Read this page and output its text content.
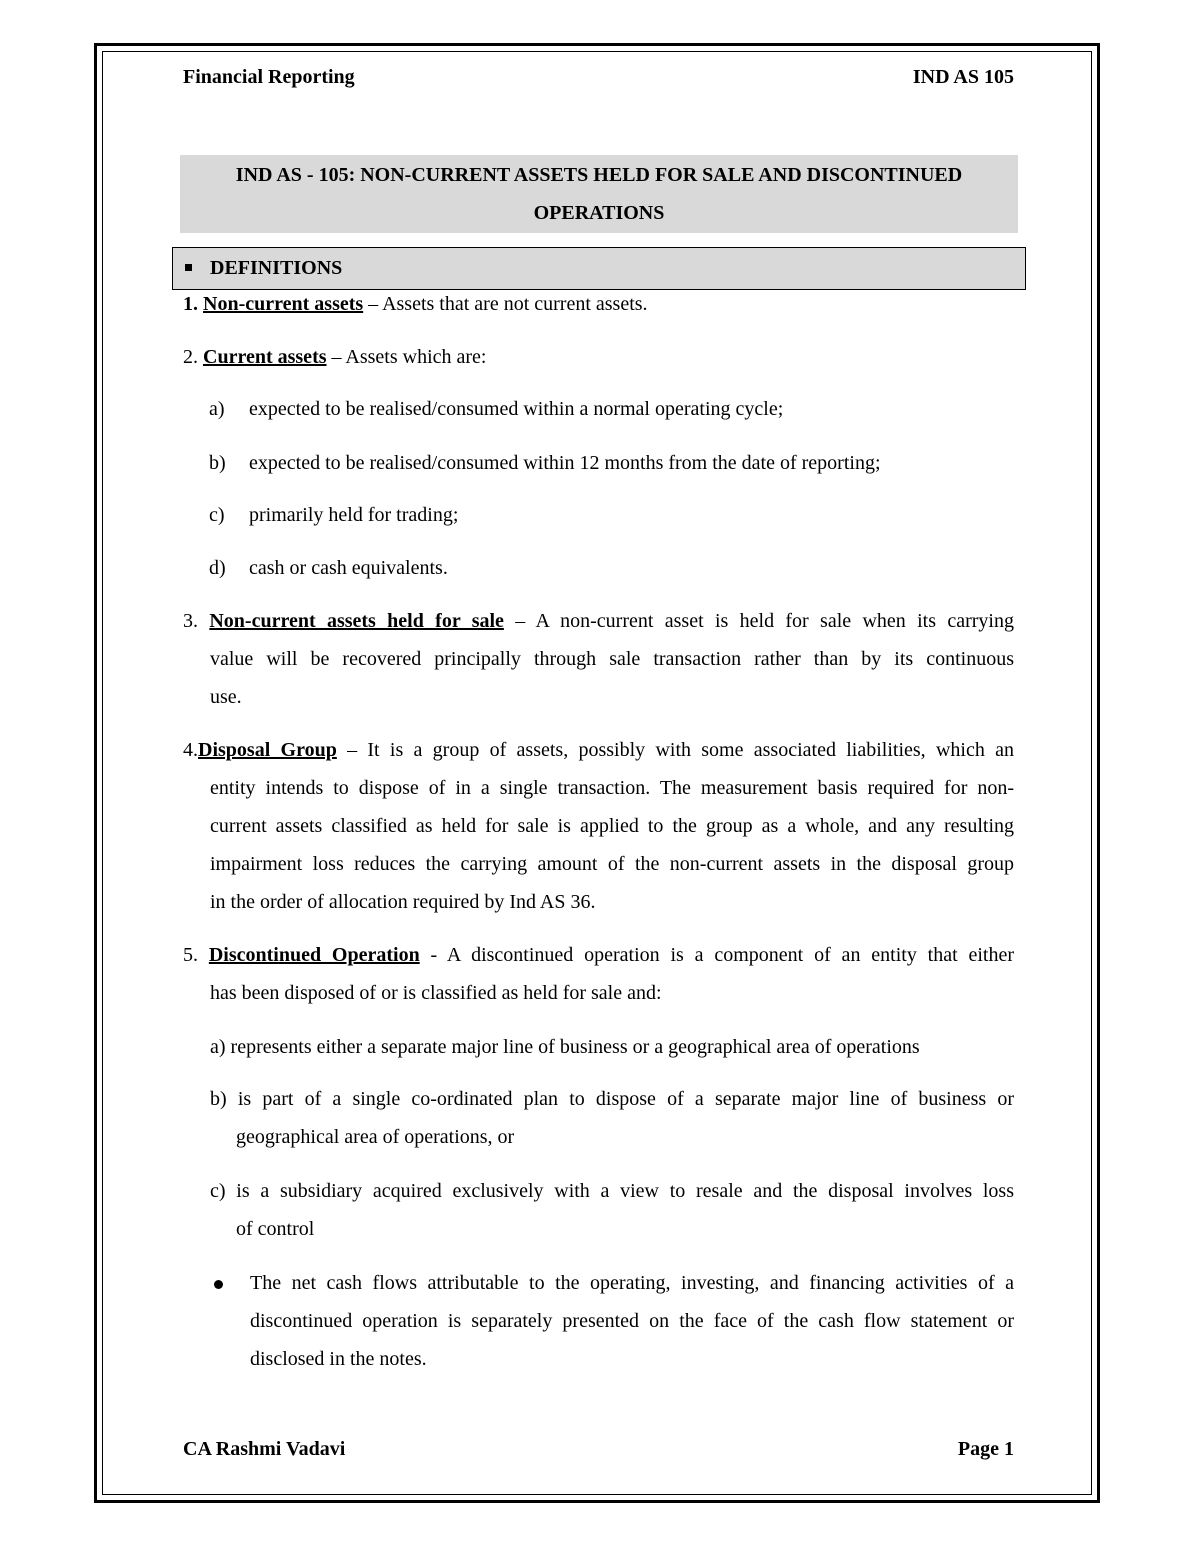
Financial Reporting	IND AS 105
IND AS - 105: NON-CURRENT ASSETS HELD FOR SALE AND DISCONTINUED
OPERATIONS
DEFINITIONS
1. Non-current assets – Assets that are not current assets.
2. Current assets – Assets which are:
a) expected to be realised/consumed within a normal operating cycle;
b) expected to be realised/consumed within 12 months from the date of reporting;
c) primarily held for trading;
d) cash or cash equivalents.
3. Non-current assets held for sale – A non-current asset is held for sale when its carrying
value will be recovered principally through sale transaction rather than by its continuous
use.
4.Disposal Group – It is a group of assets, possibly with some associated liabilities, which an
entity intends to dispose of in a single transaction. The measurement basis required for non-
current assets classified as held for sale is applied to the group as a whole, and any resulting
impairment loss reduces the carrying amount of the non-current assets in the disposal group
in the order of allocation required by Ind AS 36.
5. Discontinued Operation - A discontinued operation is a component of an entity that either
has been disposed of or is classified as held for sale and:
a) represents either a separate major line of business or a geographical area of operations
b) is part of a single co-ordinated plan to dispose of a separate major line of business or
geographical area of operations, or
c) is a subsidiary acquired exclusively with a view to resale and the disposal involves loss
of control
The net cash flows attributable to the operating, investing, and financing activities of a
discontinued operation is separately presented on the face of the cash flow statement or
disclosed in the notes.
CA Rashmi Vadavi	Page 1
